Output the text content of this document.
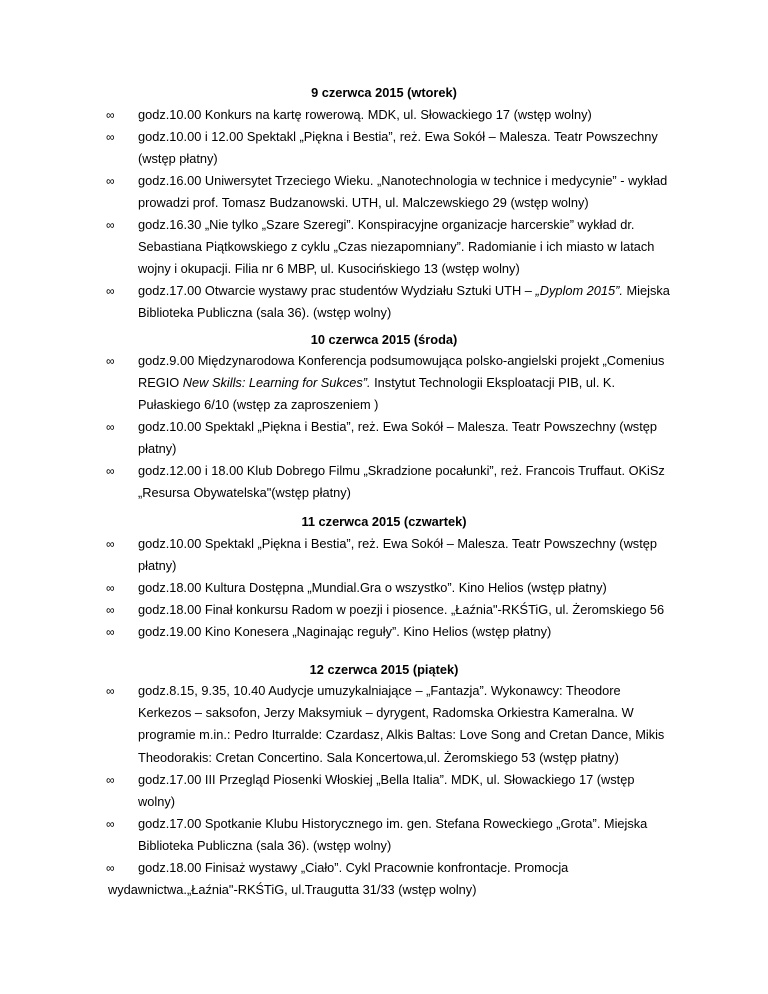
9 czerwca 2015 (wtorek)
∞ godz.10.00 Konkurs na kartę rowerową. MDK, ul. Słowackiego 17 (wstęp wolny)
∞ godz.10.00 i 12.00 Spektakl „Piękna i Bestia”, reż. Ewa Sokół – Malesza. Teatr Powszechny
(wstęp płatny)
∞ godz.16.00 Uniwersytet Trzeciego Wieku. „Nanotechnologia w technice i medycynie” - wykład
prowadzi prof. Tomasz Budzanowski. UTH, ul. Malczewskiego 29 (wstęp wolny)
∞ godz.16.30 „Nie tylko „Szare Szeregi”. Konspiracyjne organizacje harcerskie” wykład dr.
Sebastiana Piątkowskiego z cyklu „Czas niezapomniany”. Radomianie i ich miasto w latach
wojny i okupacji. Filia nr 6 MBP, ul. Kusocińskiego 13 (wstęp wolny)
∞ godz.17.00 Otwarcie wystawy prac studentów Wydziału Sztuki UTH – „Dyplom 2015”. Miejska
Biblioteka Publiczna (sala 36). (wstęp wolny)
10 czerwca 2015 (środa)
∞ godz.9.00 Międzynarodowa Konferencja podsumowująca polsko-angielski projekt „Comenius
REGIO New Skills: Learning for Sukces”. Instytut Technologii Eksploatacji PIB, ul. K.
Pułaskiego 6/10 (wstęp za zaproszeniem )
∞ godz.10.00 Spektakl „Piękna i Bestia”, reż. Ewa Sokół – Malesza. Teatr Powszechny (wstęp
płatny)
∞ godz.12.00 i 18.00 Klub Dobrego Filmu „Skradzione pocałunki”, reż. Francois Truffaut. OKiSz
„Resursa Obywatelska"(wstęp płatny)
11 czerwca 2015 (czwartek)
∞ godz.10.00 Spektakl „Piękna i Bestia”, reż. Ewa Sokół – Malesza. Teatr Powszechny (wstęp
płatny)
∞ godz.18.00 Kultura Dostępna „Mundial.Gra o wszystko”. Kino Helios (wstęp płatny)
∞ godz.18.00 Finał konkursu Radom w poezji i piosence. „Łaźnia"-RKŚTiG, ul. Żeromskiego 56
∞ godz.19.00 Kino Konesera „Naginając reguły”. Kino Helios (wstęp płatny)
12 czerwca 2015 (piątek)
∞ godz.8.15, 9.35, 10.40 Audycje umuzykalniające – „Fantazja”. Wykonawcy: Theodore
Kerkezos – saksofon, Jerzy Maksymiuk – dyrygent, Radomska Orkiestra Kameralna. W
programie m.in.: Pedro Iturralde: Czardasz, Alkis Baltas: Love Song and Cretan Dance, Mikis
Theodorakis: Cretan Concertino. Sala Koncertowa,ul. Żeromskiego 53 (wstęp płatny)
∞ godz.17.00 III Przegląd Piosenki Włoskiej „Bella Italia”. MDK, ul. Słowackiego 17 (wstęp
wolny)
∞ godz.17.00 Spotkanie Klubu Historycznego im. gen. Stefana Roweckiego „Grota”. Miejska
Biblioteka Publiczna (sala 36). (wstęp wolny)
∞ godz.18.00 Finisaż wystawy „Ciało”. Cykl Pracownie konfrontacje. Promocja
wydawnictwa.„Łaźnia"-RKŚTiG, ul.Traugutta 31/33 (wstęp wolny)
